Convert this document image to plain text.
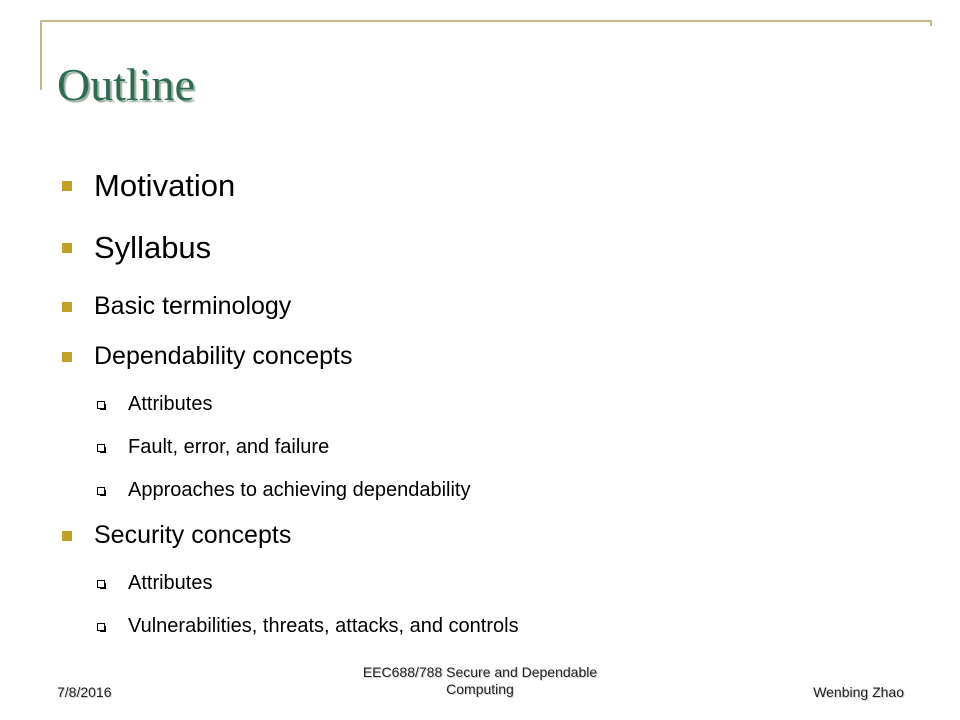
Outline
Motivation
Syllabus
Basic terminology
Dependability concepts
Attributes
Fault, error, and failure
Approaches to achieving dependability
Security concepts
Attributes
Vulnerabilities, threats, attacks, and controls
7/8/2016
EEC688/788 Secure and Dependable Computing	Wenbing Zhao
